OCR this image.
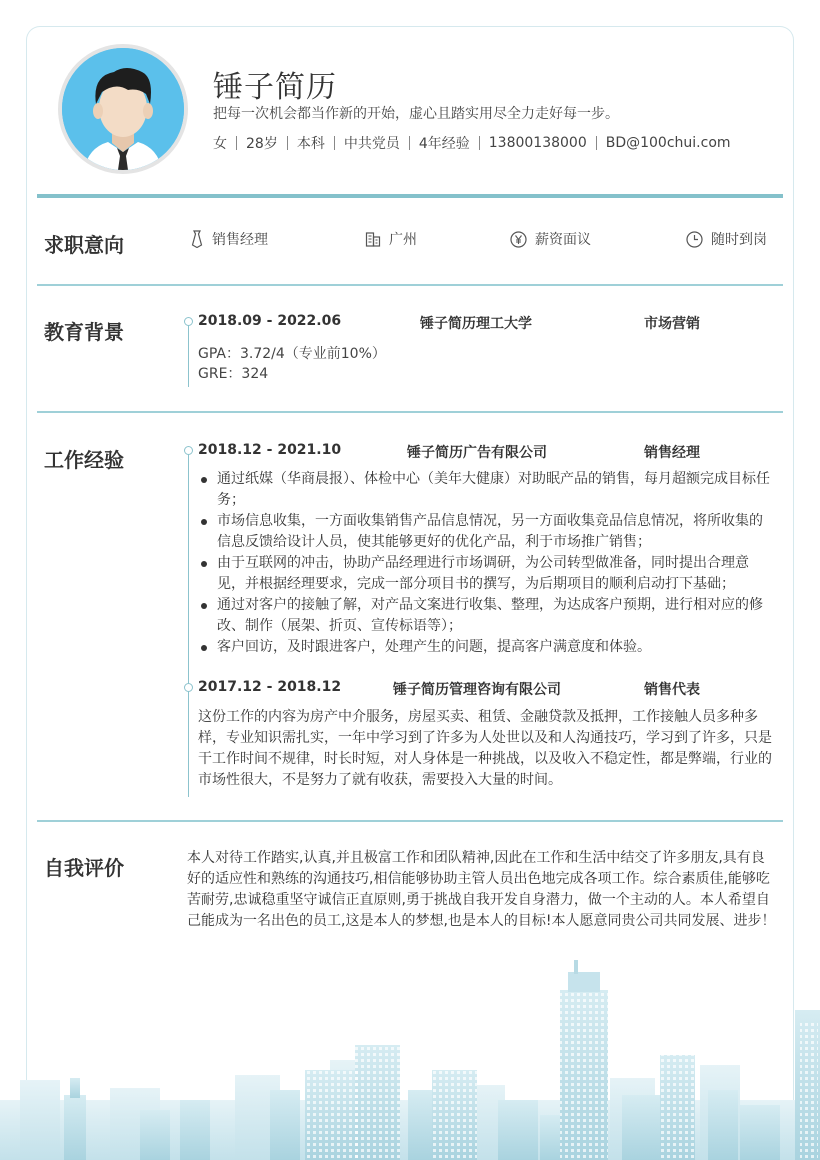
锤子简历
把每一次机会都当作新的开始，虚心且踏实用尽全力走好每一步。
女 28岁 本科 中共党员 4年经验 13800138000 BD@100chui.com
求职意向	销售经理	广州	薪资面议	随时到岗
教育背景	2018.09 - 2022.06	锤子简历理工大学	市场营销
GPA：3.72/4（专业前10%）
GRE：324
工作经验	2018.12 - 2021.10	锤子简历广告有限公司	销售经理
通过纸媒（华商晨报）、体检中心（美年大健康）对助眠产品的销售，每月超额完成目标任务；
市场信息收集，一方面收集销售产品信息情况，另一方面收集竞品信息情况，将所收集的信息反馈给设计人员，使其能够更好的优化产品，利于市场推广销售；
由于互联网的冲击，协助产品经理进行市场调研，为公司转型做准备，同时提出合理意见，并根据经理要求，完成一部分项目书的撰写，为后期项目的顺利启动打下基础；
通过对客户的接触了解，对产品文案进行收集、整理，为达成客户预期，进行相对应的修改、制作（展架、折页、宣传标语等）；
客户回访，及时跟进客户，处理产生的问题，提高客户满意度和体验。
2017.12 - 2018.12	锤子简历管理咨询有限公司	销售代表
这份工作的内容为房产中介服务，房屋买卖、租赁、金融贷款及抵押，工作接触人员多种多样，专业知识需扎实，一年中学习到了许多为人处世以及和人沟通技巧，学习到了许多，只是干工作时间不规律，时长时短，对人身体是一种挑战，以及收入不稳定性，都是弊端，行业的市场性很大，不是努力了就有收获，需要投入大量的时间。
自我评价	本人对待工作踏实,认真,并且极富工作和团队精神,因此在工作和生活中结交了许多朋友,具有良好的适应性和熟练的沟通技巧,相信能够协助主管人员出色地完成各项工作。综合素质佳,能够吃苦耐劳,忠诚稳重坚守诚信正直原则,勇于挑战自我开发自身潜力，做一个主动的人。本人希望自己能成为一名出色的员工,这是本人的梦想,也是本人的目标!本人愿意同贵公司共同发展、进步！
